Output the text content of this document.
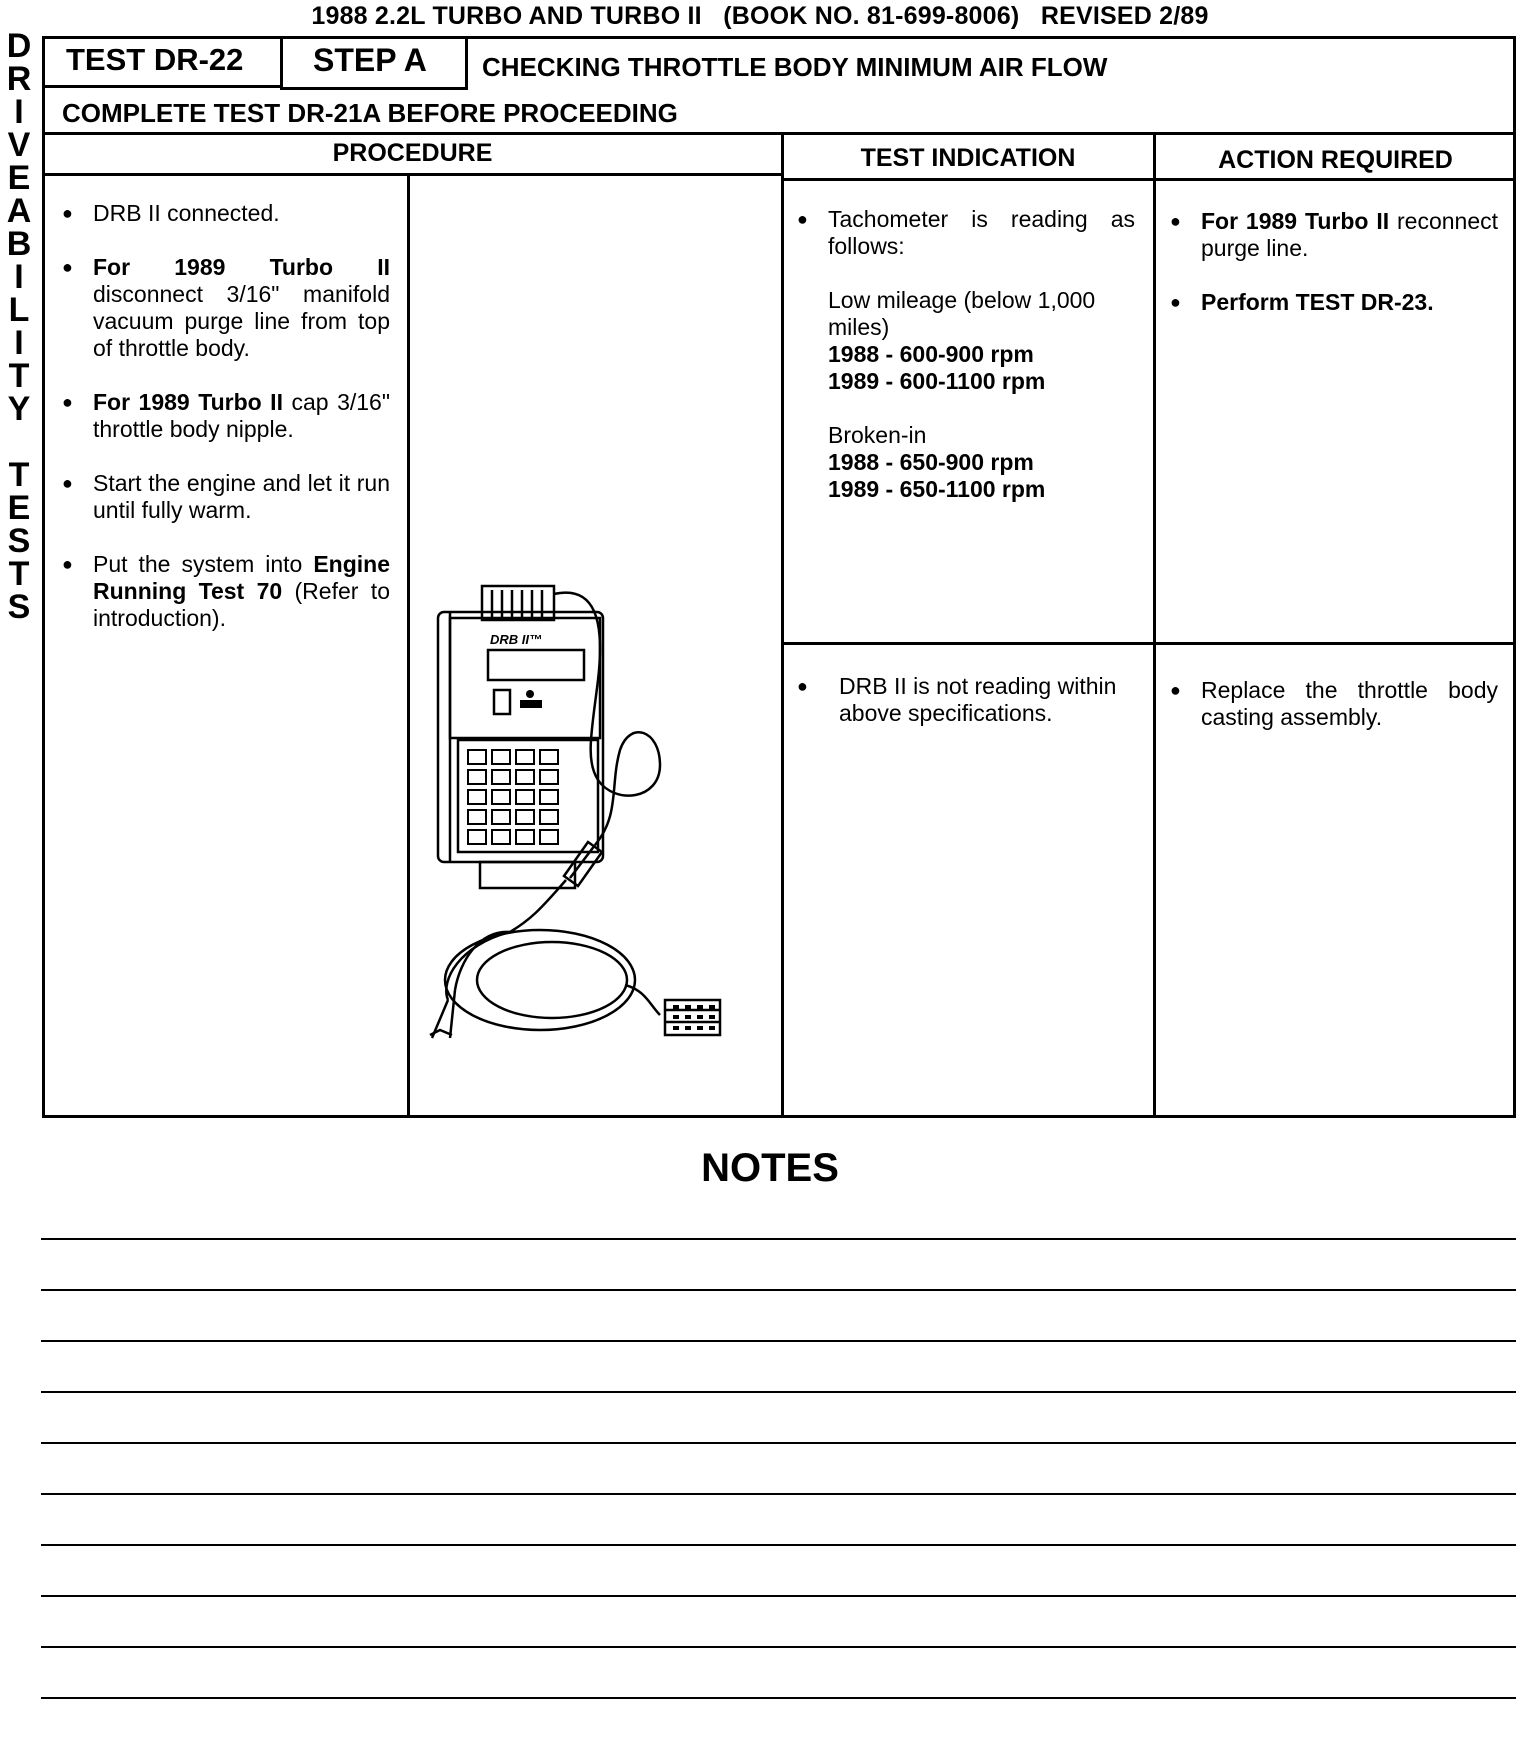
1988 2.2L TURBO AND TURBO II (BOOK NO. 81-699-8006) REVISED 2/89
D
R
I
V
E
A
B
I
L
I
T
Y
T
E
S
T
S
TEST DR-22 STEP A CHECKING THROTTLE BODY MINIMUM AIR FLOW
COMPLETE TEST DR-21A BEFORE PROCEEDING
PROCEDURE	TEST INDICATION	ACTION REQUIRED
● DRB II connected.
● For 1989 Turbo II disconnect 3/16" manifold vacuum purge line from top of throttle body.
● For 1989 Turbo II cap 3/16" throttle body nipple.
● Start the engine and let it run until fully warm.
● Put the system into Engine Running Test 70 (Refer to introduction).
DRB II™
● Tachometer is reading as follows:
Low mileage (below 1,000 miles)
1988 - 600-900 rpm
1989 - 600-1100 rpm
Broken-in
1988 - 650-900 rpm
1989 - 650-1100 rpm
● For 1989 Turbo II reconnect purge line.
● Perform TEST DR-23.
● DRB II is not reading within above specifications.
● Replace the throttle body casting assembly.
NOTES
